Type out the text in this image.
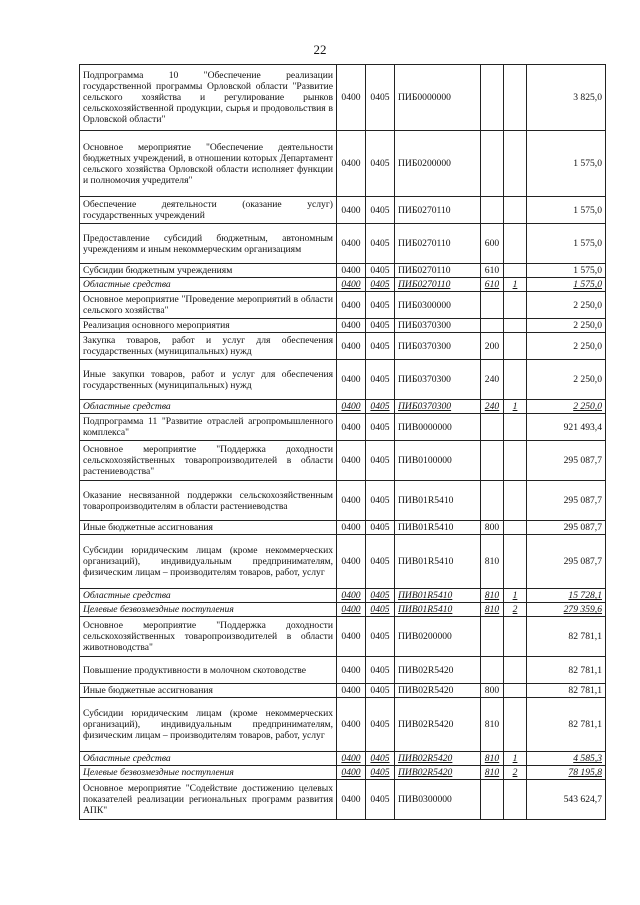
22
Подпрограмма 10 "Обеспечение реализации государственной программы Орловской области "Развитие сельского хозяйства и регулирование рынков сельскохозяйственной продукции, сырья и продовольствия в Орловской области"	0400	0405	ПИБ0000000			3 825,0
Основное мероприятие "Обеспечение деятельности бюджетных учреждений, в отношении которых Департамент сельского хозяйства Орловской области исполняет функции и полномочия учредителя"	0400	0405	ПИБ0200000			1 575,0
Обеспечение деятельности (оказание услуг) государственных учреждений	0400	0405	ПИБ0270110			1 575,0
Предоставление субсидий бюджетным, автономным учреждениям и иным некоммерческим организациям	0400	0405	ПИБ0270110	600		1 575,0
Субсидии бюджетным учреждениям	0400	0405	ПИБ0270110	610		1 575,0
Областные средства	0400	0405	ПИБ0270110	610	1	1 575,0
Основное мероприятие "Проведение мероприятий в области сельского хозяйства"	0400	0405	ПИБ0300000			2 250,0
Реализация основного мероприятия	0400	0405	ПИБ0370300			2 250,0
Закупка товаров, работ и услуг для обеспечения государственных (муниципальных) нужд	0400	0405	ПИБ0370300	200		2 250,0
Иные закупки товаров, работ и услуг для обеспечения государственных (муниципальных) нужд	0400	0405	ПИБ0370300	240		2 250,0
Областные средства	0400	0405	ПИБ0370300	240	1	2 250,0
Подпрограмма 11 "Развитие отраслей агропромышленного комплекса"	0400	0405	ПИВ0000000			921 493,4
Основное мероприятие "Поддержка доходности сельскохозяйственных товаропроизводителей в области растениеводства"	0400	0405	ПИВ0100000			295 087,7
Оказание несвязанной поддержки сельскохозяйственным товаропроизводителям в области растениеводства	0400	0405	ПИВ01R5410			295 087,7
Иные бюджетные ассигнования	0400	0405	ПИВ01R5410	800		295 087,7
Субсидии юридическим лицам (кроме некоммерческих организаций), индивидуальным предпринимателям, физическим лицам – производителям товаров, работ, услуг	0400	0405	ПИВ01R5410	810		295 087,7
Областные средства	0400	0405	ПИВ01R5410	810	1	15 728,1
Целевые безвозмездные поступления	0400	0405	ПИВ01R5410	810	2	279 359,6
Основное мероприятие "Поддержка доходности сельскохозяйственных товаропроизводителей в области животноводства"	0400	0405	ПИВ0200000			82 781,1
Повышение продуктивности в молочном скотоводстве	0400	0405	ПИВ02R5420			82 781,1
Иные бюджетные ассигнования	0400	0405	ПИВ02R5420	800		82 781,1
Субсидии юридическим лицам (кроме некоммерческих организаций), индивидуальным предпринимателям, физическим лицам – производителям товаров, работ, услуг	0400	0405	ПИВ02R5420	810		82 781,1
Областные средства	0400	0405	ПИВ02R5420	810	1	4 585,3
Целевые безвозмездные поступления	0400	0405	ПИВ02R5420	810	2	78 195,8
Основное мероприятие "Содействие достижению целевых показателей реализации региональных программ развития АПК"	0400	0405	ПИВ0300000			543 624,7
